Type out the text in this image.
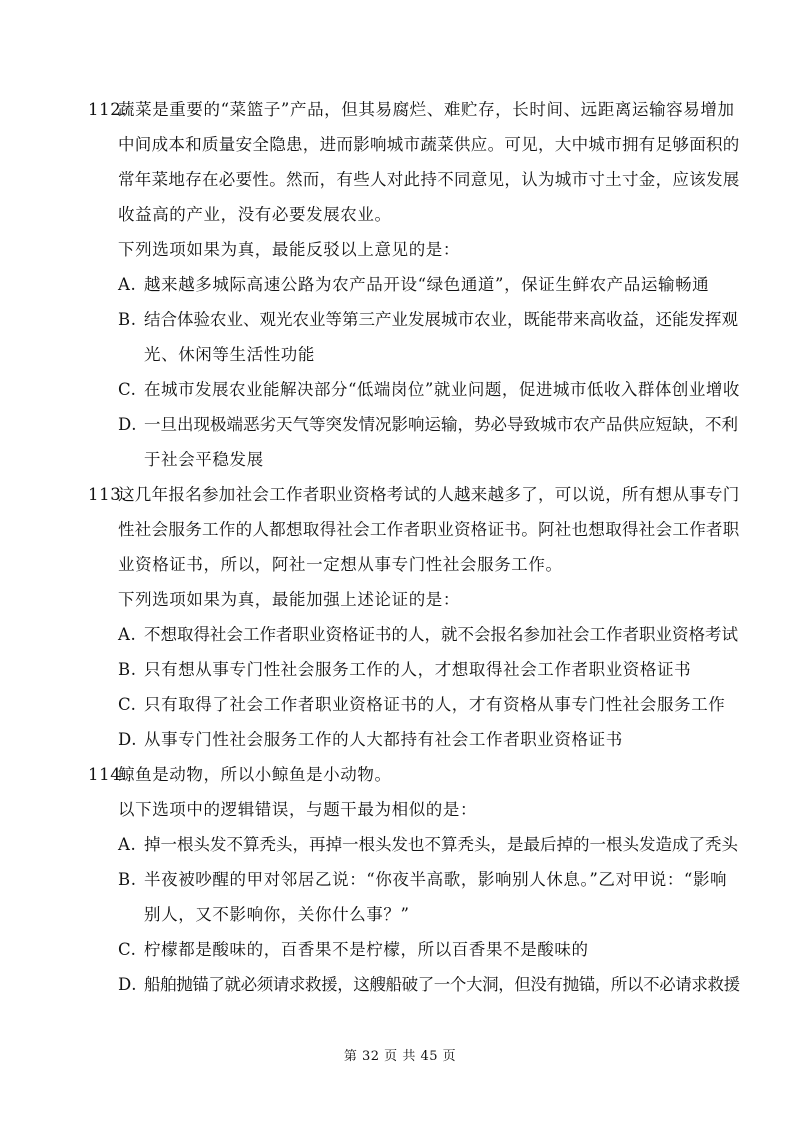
112.
蔬菜是重要的“菜篮子”产品，但其易腐烂、难贮存，长时间、远距离运输容易增加
中间成本和质量安全隐患，进而影响城市蔬菜供应。可见，大中城市拥有足够面积的
常年菜地存在必要性。然而，有些人对此持不同意见，认为城市寸土寸金，应该发展
收益高的产业，没有必要发展农业。
下列选项如果为真，最能反驳以上意见的是：
A. 越来越多城际高速公路为农产品开设“绿色通道”，保证生鲜农产品运输畅通
B. 结合体验农业、观光农业等第三产业发展城市农业，既能带来高收益，还能发挥观
光、休闲等生活性功能
C. 在城市发展农业能解决部分“低端岗位”就业问题，促进城市低收入群体创业增收
D. 一旦出现极端恶劣天气等突发情况影响运输，势必导致城市农产品供应短缺，不利
于社会平稳发展
113.
这几年报名参加社会工作者职业资格考试的人越来越多了，可以说，所有想从事专门
性社会服务工作的人都想取得社会工作者职业资格证书。阿社也想取得社会工作者职
业资格证书，所以，阿社一定想从事专门性社会服务工作。
下列选项如果为真，最能加强上述论证的是：
A. 不想取得社会工作者职业资格证书的人，就不会报名参加社会工作者职业资格考试
B. 只有想从事专门性社会服务工作的人，才想取得社会工作者职业资格证书
C. 只有取得了社会工作者职业资格证书的人，才有资格从事专门性社会服务工作
D. 从事专门性社会服务工作的人大都持有社会工作者职业资格证书
114.
鲸鱼是动物，所以小鲸鱼是小动物。
以下选项中的逻辑错误，与题干最为相似的是：
A. 掉一根头发不算秃头，再掉一根头发也不算秃头，是最后掉的一根头发造成了秃头
B. 半夜被吵醒的甲对邻居乙说：“你夜半高歌，影响别人休息。”乙对甲说：“影响
别人，又不影响你，关你什么事？”
C. 柠檬都是酸味的，百香果不是柠檬，所以百香果不是酸味的
D. 船舶抛锚了就必须请求救援，这艘船破了一个大洞，但没有抛锚，所以不必请求救援
第 32 页 共 45 页
